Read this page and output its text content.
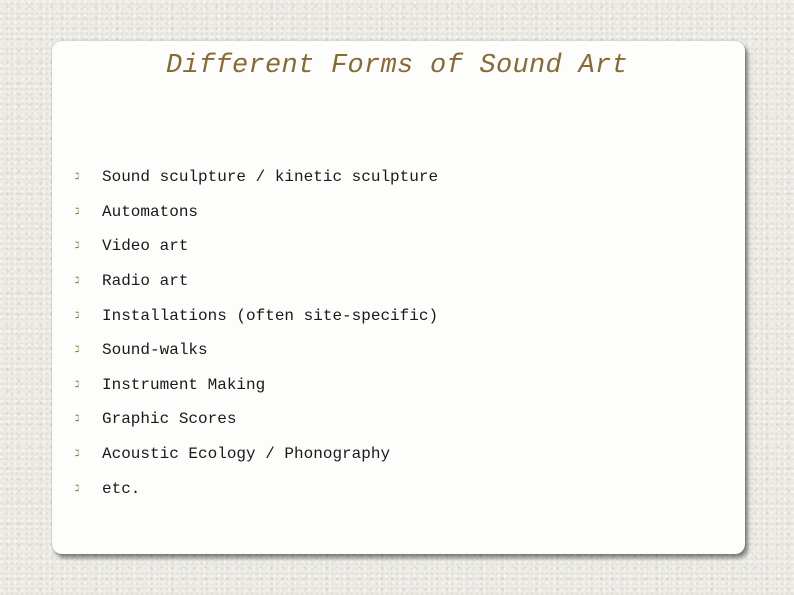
Different Forms of Sound Art
ℷ	Sound sculpture / kinetic sculpture
ℷ	Automatons
ℷ	Video art
ℷ	Radio art
ℷ	Installations (often site-specific)
ℷ	Sound-walks
ℷ	Instrument Making
ℷ	Graphic Scores
ℷ	Acoustic Ecology / Phonography
ℷ	etc.
